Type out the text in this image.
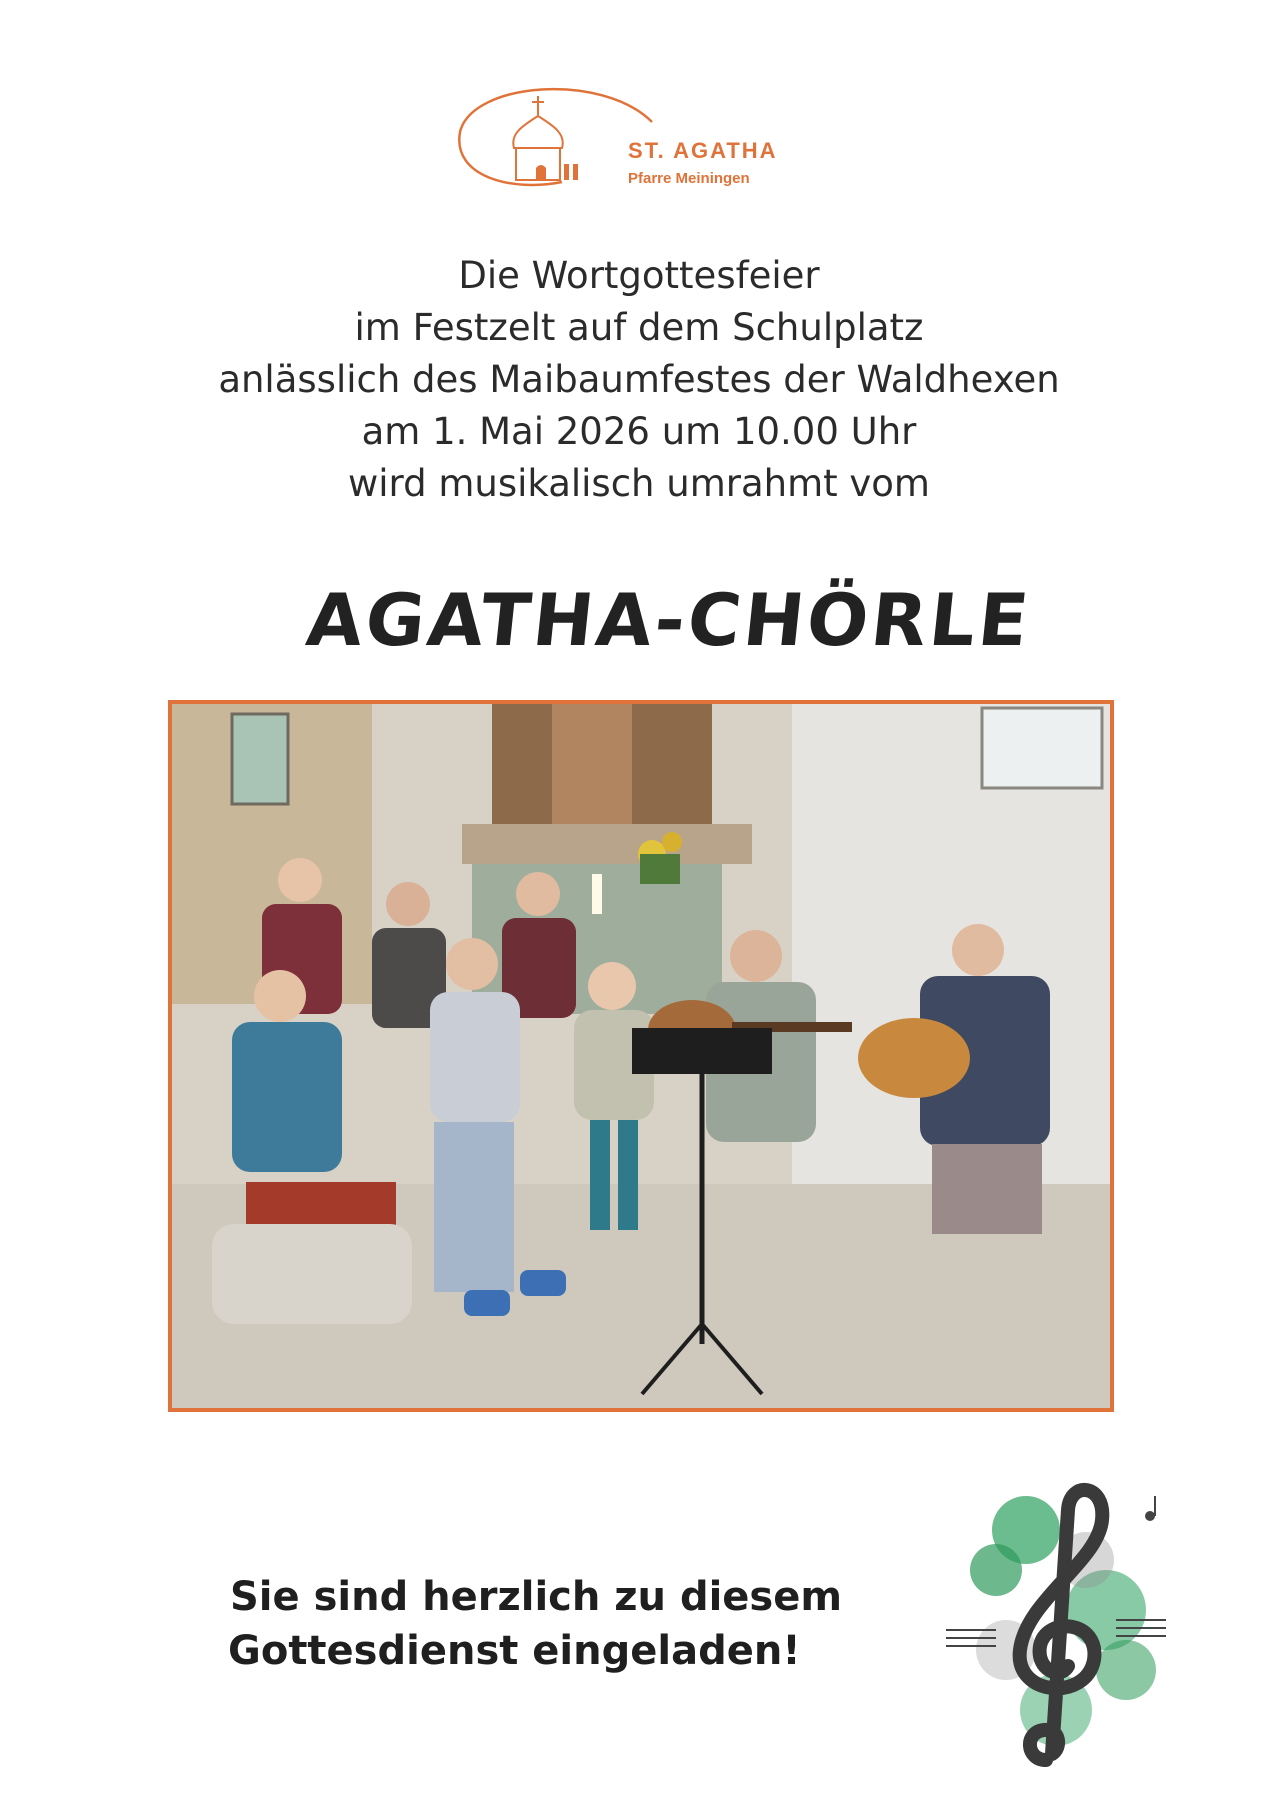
ST. AGATHA
Pfarre Meiningen
Die Wortgottesfeier
im Festzelt auf dem Schulplatz
anlässlich des Maibaumfestes der Waldhexen
am 1. Mai 2026 um 10.00 Uhr
wird musikalisch umrahmt vom
AGATHA-CHÖRLE
Sie sind herzlich zu diesem
Gottesdienst eingeladen!
